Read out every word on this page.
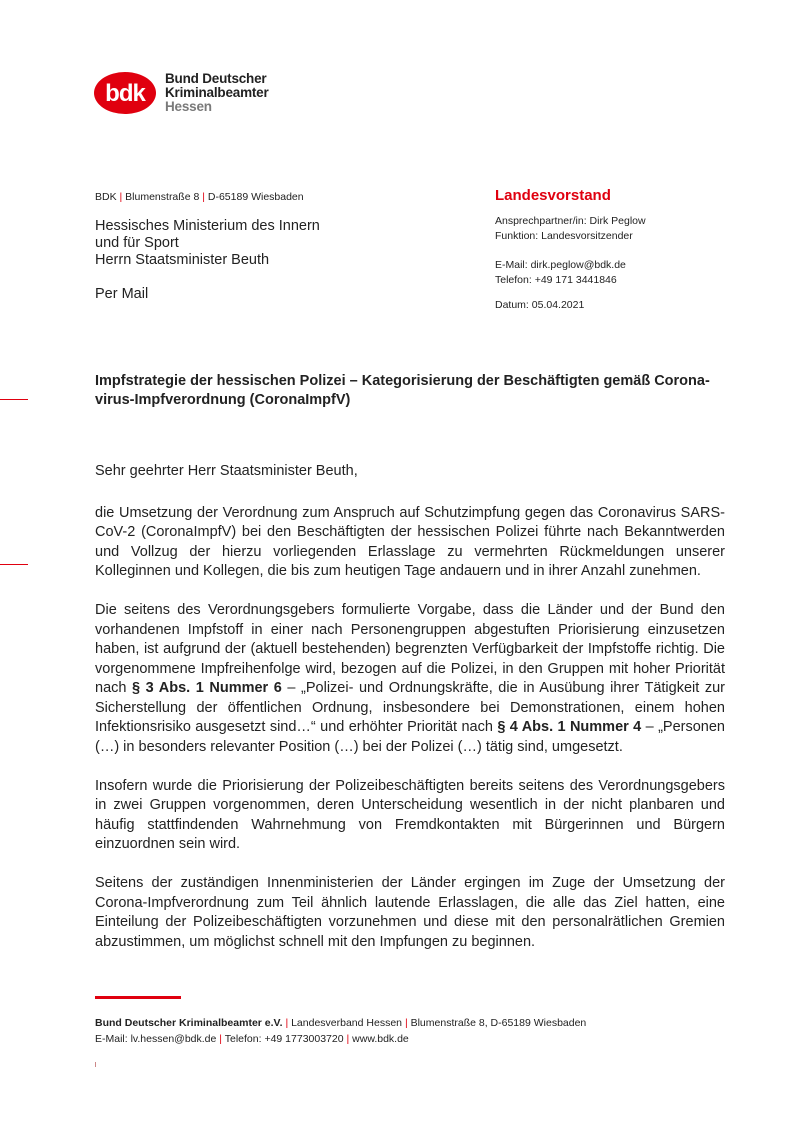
bdk
Bund Deutscher
Kriminalbeamter
Hessen
BDK | Blumenstraße 8 | D-65189 Wiesbaden
Hessisches Ministerium des Innern
und für Sport
Herrn Staatsminister Beuth
Per Mail
Landesvorstand
Ansprechpartner/in: Dirk Peglow
Funktion: Landesvorsitzender
E-Mail: dirk.peglow@bdk.de
Telefon: +49 171 3441846
Datum: 05.04.2021
Impfstrategie der hessischen Polizei – Kategorisierung der Beschäftigten gemäß Corona-virus-Impfverordnung (CoronaImpfV)

Sehr geehrter Herr Staatsminister Beuth,

die Umsetzung der Verordnung zum Anspruch auf Schutzimpfung gegen das Coronavirus SARS-CoV-2 (CoronaImpfV) bei den Beschäftigten der hessischen Polizei führte nach Bekanntwerden und Vollzug der hierzu vorliegenden Erlasslage zu vermehrten Rückmeldungen unserer Kolleginnen und Kollegen, die bis zum heutigen Tage andauern und in ihrer Anzahl zunehmen.

Die seitens des Verordnungsgebers formulierte Vorgabe, dass die Länder und der Bund den vorhandenen Impfstoff in einer nach Personengruppen abgestuften Priorisierung einzusetzen haben, ist aufgrund der (aktuell bestehenden) begrenzten Verfügbarkeit der Impfstoffe richtig. Die vorgenommene Impfreihenfolge wird, bezogen auf die Polizei, in den Gruppen mit hoher Priorität nach § 3 Abs. 1 Nummer 6 – „Polizei- und Ordnungskräfte, die in Ausübung ihrer Tätigkeit zur Sicherstellung der öffentlichen Ordnung, insbesondere bei Demonstrationen, einem hohen Infektionsrisiko ausgesetzt sind…“ und erhöhter Priorität nach § 4 Abs. 1 Nummer 4 – „Personen (…) in besonders relevanter Position (…) bei der Polizei (…) tätig sind, umgesetzt.

Insofern wurde die Priorisierung der Polizeibeschäftigten bereits seitens des Verordnungsgebers in zwei Gruppen vorgenommen, deren Unterscheidung wesentlich in der nicht planbaren und häufig stattfindenden Wahrnehmung von Fremdkontakten mit Bürgerinnen und Bürgern einzuordnen sein wird.

Seitens der zuständigen Innenministerien der Länder ergingen im Zuge der Umsetzung der Corona-Impfverordnung zum Teil ähnlich lautende Erlasslagen, die alle das Ziel hatten, eine Einteilung der Polizeibeschäftigten vorzunehmen und diese mit den personalrätlichen Gremien abzustimmen, um möglichst schnell mit den Impfungen zu beginnen.

Bund Deutscher Kriminalbeamter e.V. | Landesverband Hessen | Blumenstraße 8, D-65189 Wiesbaden
E-Mail: lv.hessen@bdk.de | Telefon: +49 1773003720 | www.bdk.de
